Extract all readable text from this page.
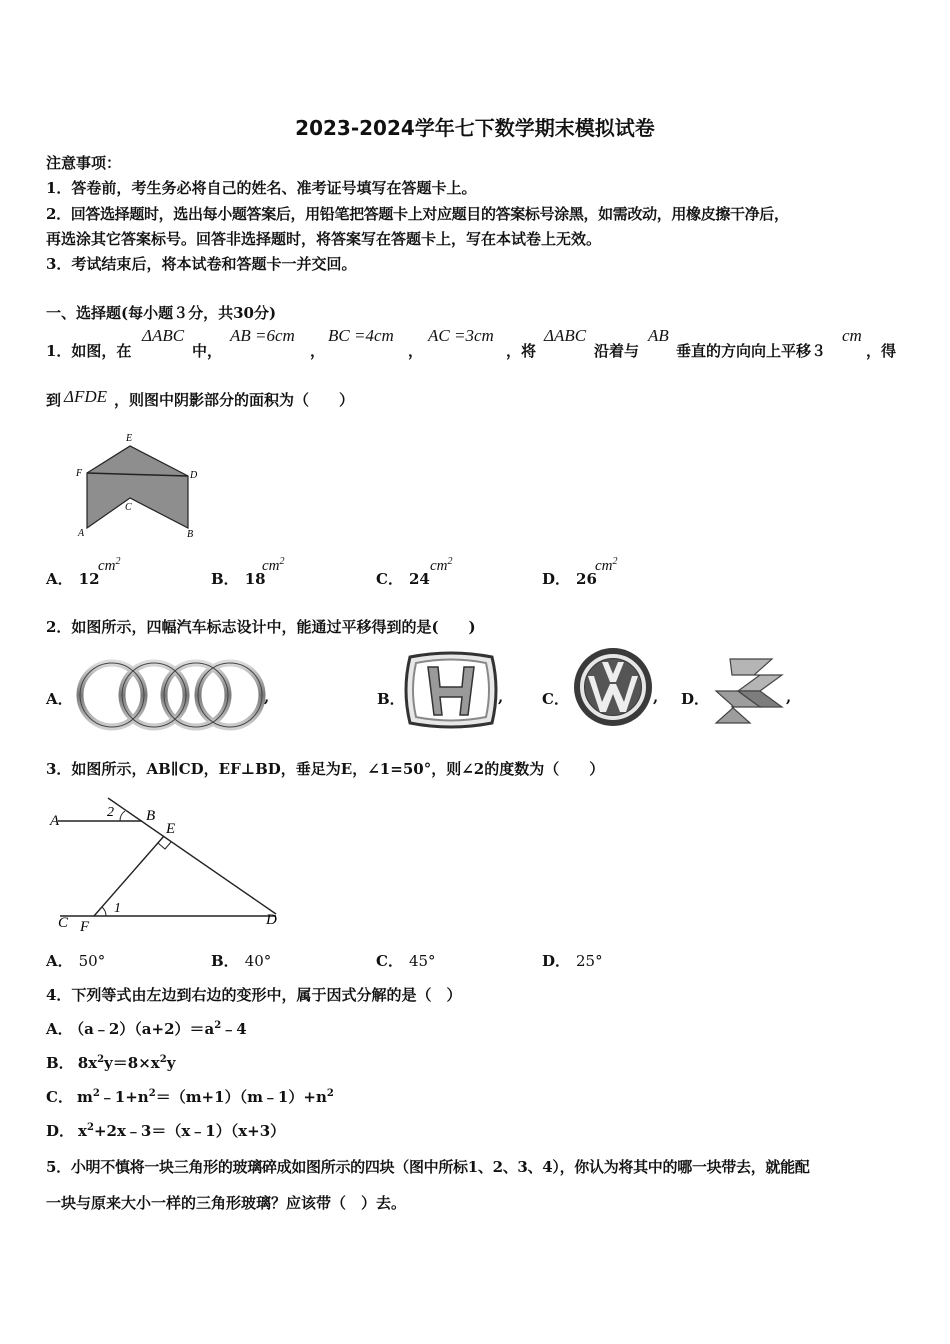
2023-2024学年七下数学期末模拟试卷
注意事项：
1．答卷前，考生务必将自己的姓名、准考证号填写在答题卡上。
2．回答选择题时，选出每小题答案后，用铅笔把答题卡上对应题目的答案标号涂黑，如需改动，用橡皮擦干净后，
再选涂其它答案标号。回答非选择题时，将答案写在答题卡上，写在本试卷上无效。
3．考试结束后，将本试卷和答题卡一并交回。
一、选择题(每小题３分，共30分)
1．如图，在
ΔABC
中，
AB =6cm
，
BC =4cm
，
AC =3cm
，将
ΔABC
沿着与
AB
垂直的方向向上平移３
cm
，得
到 ΔFDE ，则图中阴影部分的面积为（　　）
E
F	D
C
A	B
A． 12
$cm^2$
B． 18
$cm^2$
C． 24
$cm^2$
D． 26
$cm^2$
2．如图所示，四幅汽车标志设计中，能通过平移得到的是(　　)
A．	,	B．	,	C．	, D．	,
3．如图所示，AB∥CD，EF⊥BD，垂足为E，∠1=50°，则∠2的度数为（　　）
A
2 B
E
1
C F	D
A． 50°	B． 40°	C． 45°	D． 25°
4．下列等式由左边到右边的变形中，属于因式分解的是（　）
A． $(a﹣2)(a+2)=a^2﹣4$
B． $8x^2y=8\times x^2y$
C． $m^2﹣1+n^2=(m+1)(m﹣1)+n^2$
D． $x^2+2x﹣3=(x﹣1)(x+3)$
5．小明不慎将一块三角形的玻璃碎成如图所示的四块（图中所标1、2、3、4），你认为将其中的哪一块带去，就能配
一块与原来大小一样的三角形玻璃？应该带（　）去。
